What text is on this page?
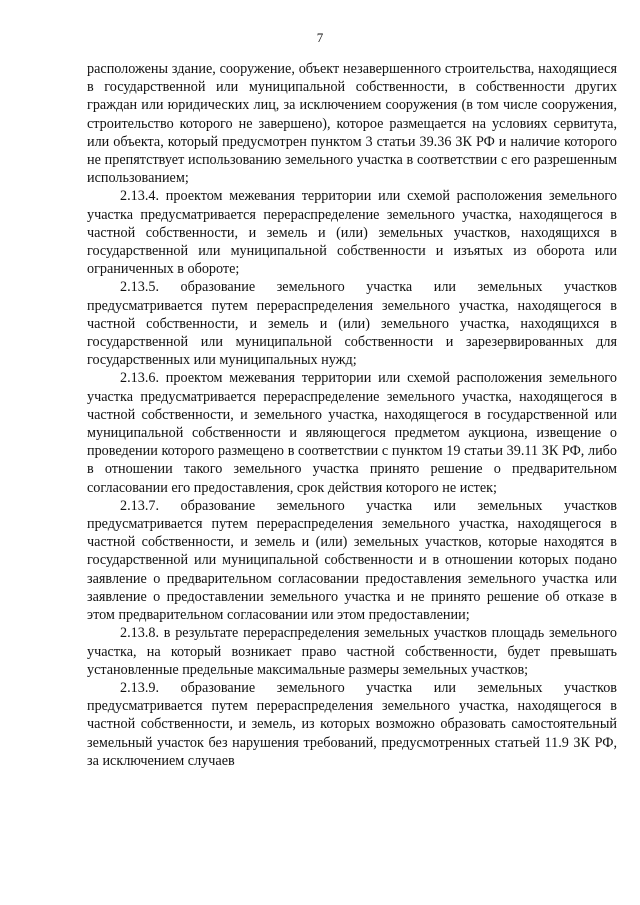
7

расположены здание, сооружение, объект незавершенного строительства, находящиеся в государственной или муниципальной собственности, в собственности других граждан или юридических лиц, за исключением сооружения (в том числе сооружения, строительство которого не завершено), которое размещается на условиях сервитута, или объекта, который предусмотрен пунктом 3 статьи 39.36 ЗК РФ и наличие которого не препятствует использованию земельного участка в соответствии с его разрешенным использованием;

2.13.4. проектом межевания территории или схемой расположения земельного участка предусматривается перераспределение земельного участка, находящегося в частной собственности, и земель и (или) земельных участков, находящихся в государственной или муниципальной собственности и изъятых из оборота или ограниченных в обороте;

2.13.5. образование земельного участка или земельных участков предусматривается путем перераспределения земельного участка, находящегося в частной собственности, и земель и (или) земельного участка, находящихся в государственной или муниципальной собственности и зарезервированных для государственных или муниципальных нужд;

2.13.6. проектом межевания территории или схемой расположения земельного участка предусматривается перераспределение земельного участка, находящегося в частной собственности, и земельного участка, находящегося в государственной или муниципальной собственности и являющегося предметом аукциона, извещение о проведении которого размещено в соответствии с пунктом 19 статьи 39.11 ЗК РФ, либо в отношении такого земельного участка принято решение о предварительном согласовании его предоставления, срок действия которого не истек;

2.13.7. образование земельного участка или земельных участков предусматривается путем перераспределения земельного участка, находящегося в частной собственности, и земель и (или) земельных участков, которые находятся в государственной или муниципальной собственности и в отношении которых подано заявление о предварительном согласовании предоставления земельного участка или заявление о предоставлении земельного участка и не принято решение об отказе в этом предварительном согласовании или этом предоставлении;

2.13.8. в результате перераспределения земельных участков площадь земельного участка, на который возникает право частной собственности, будет превышать установленные предельные максимальные размеры земельных участков;

2.13.9. образование земельного участка или земельных участков предусматривается путем перераспределения земельного участка, находящегося в частной собственности, и земель, из которых возможно образовать самостоятельный земельный участок без нарушения требований, предусмотренных статьей 11.9 ЗК РФ, за исключением случаев
